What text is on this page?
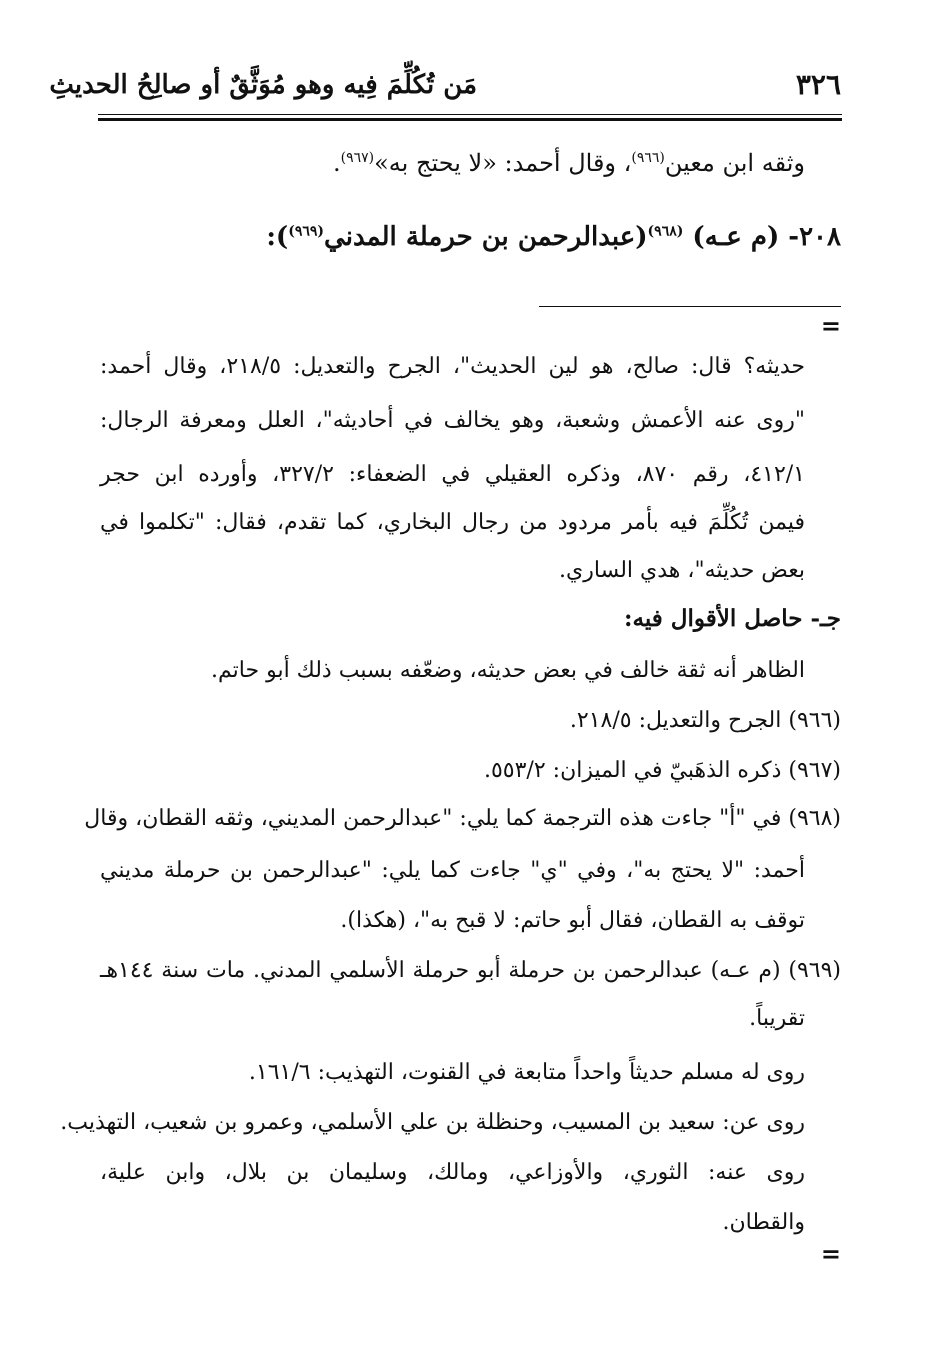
٣٢٦
مَن تُكُلِّمَ فِيه وهو مُوَثَّقٌ أو صالِحُ الحديثِ
وثقه ابن معين$^{(٩٦٦)}$، وقال أحمد: «لا يحتج به»$^{(٩٦٧)}$.
٢٠٨- (م عـه) $^{(٩٦٨)}$(عبدالرحمن بن حرملة المدني$^{(٩٦٩)}$):
=
حديثه؟ قال: صالح، هو لين الحديث"، الجرح والتعديل: ٢١٨/٥، وقال أحمد:
"روى عنه الأعمش وشعبة، وهو يخالف في أحاديثه"، العلل ومعرفة الرجال:
٤١٢/١، رقم ٨٧٠، وذكره العقيلي في الضعفاء: ٣٢٧/٢، وأورده ابن حجر
فيمن تُكُلِّمَ فيه بأمر مردود من رجال البخاري، كما تقدم، فقال: "تكلموا في
بعض حديثه"، هدي الساري.
جـ- حاصل الأقوال فيه:
الظاهر أنه ثقة خالف في بعض حديثه، وضعّفه بسبب ذلك أبو حاتم.
(٩٦٦) الجرح والتعديل: ٢١٨/٥.
(٩٦٧) ذكره الذهَبيّ في الميزان: ٥٥٣/٢.
(٩٦٨) في "أ" جاءت هذه الترجمة كما يلي: "عبدالرحمن المديني، وثقه القطان، وقال
أحمد: "لا يحتج به"، وفي "ي" جاءت كما يلي: "عبدالرحمن بن حرملة مديني
توقف به القطان، فقال أبو حاتم: لا قبح به"، (هكذا).
(٩٦٩) (م عـه) عبدالرحمن بن حرملة أبو حرملة الأسلمي المدني. مات سنة ١٤٤هـ
تقريباً.
روى له مسلم حديثاً واحداً متابعة في القنوت، التهذيب: ١٦١/٦.
روى عن: سعيد بن المسيب، وحنظلة بن علي الأسلمي، وعمرو بن شعيب، التهذيب.
روى عنه: الثوري، والأوزاعي، ومالك، وسليمان بن بلال، وابن علية،
والقطان.
=
